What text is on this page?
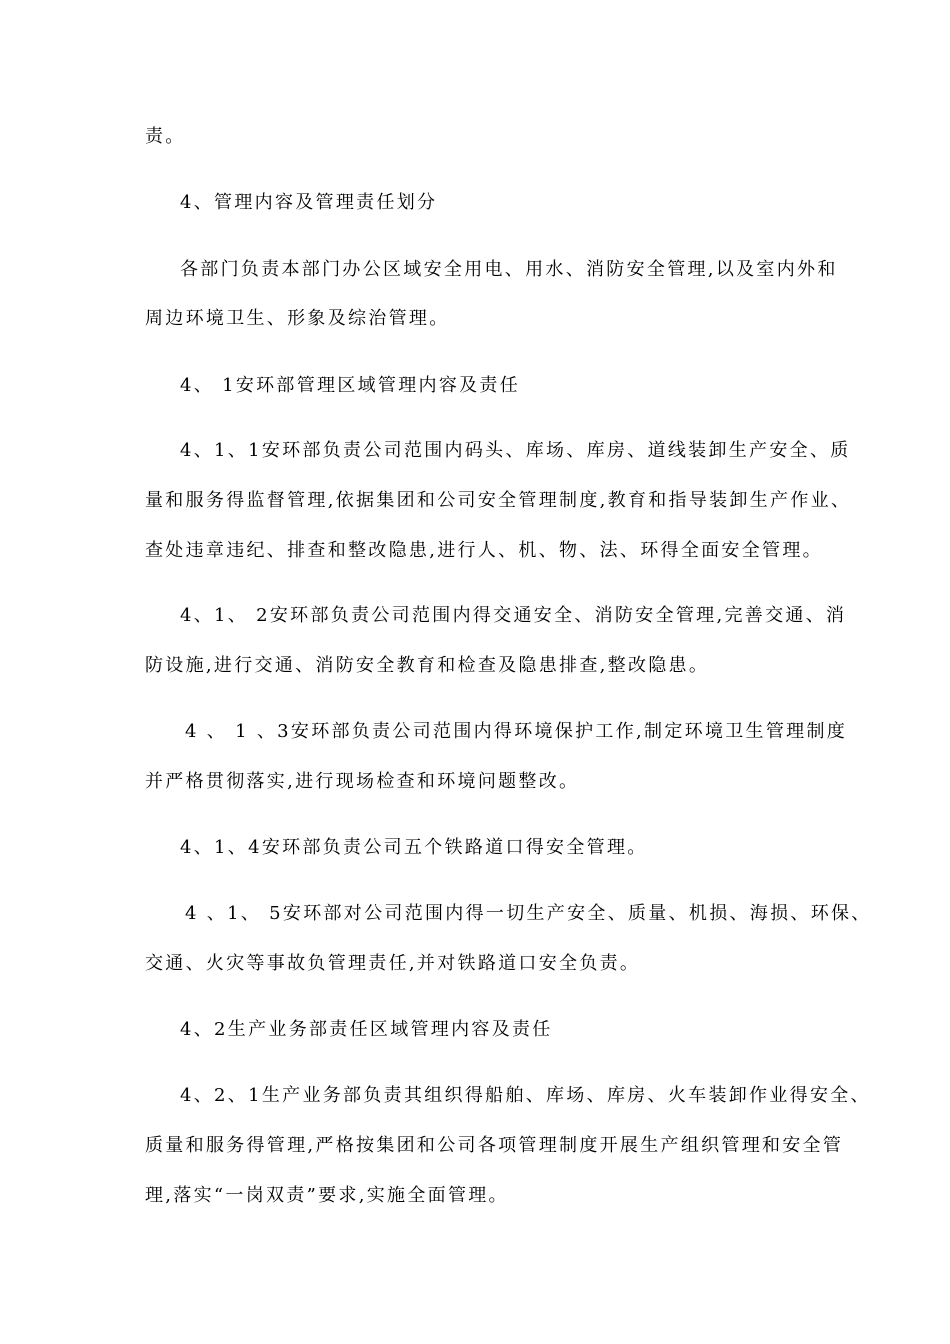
责。
4、管理内容及管理责任划分
各部门负责本部门办公区域安全用电、用水、消防安全管理,以及室内外和
周边环境卫生、形象及综治管理。
4、 1安环部管理区域管理内容及责任
4、1、1安环部负责公司范围内码头、库场、库房、道线装卸生产安全、质
量和服务得监督管理,依据集团和公司安全管理制度,教育和指导装卸生产作业、
查处违章违纪、排查和整改隐患,进行人、机、物、法、环得全面安全管理。
4、1、 2安环部负责公司范围内得交通安全、消防安全管理,完善交通、消
防设施,进行交通、消防安全教育和检查及隐患排查,整改隐患。
4 、 1 、3安环部负责公司范围内得环境保护工作,制定环境卫生管理制度
并严格贯彻落实,进行现场检查和环境问题整改。
4、1、4安环部负责公司五个铁路道口得安全管理。
4 、1、 5安环部对公司范围内得一切生产安全、质量、机损、海损、环保、
交通、火灾等事故负管理责任,并对铁路道口安全负责。
4、2生产业务部责任区域管理内容及责任
4、2、1生产业务部负责其组织得船舶、库场、库房、火车装卸作业得安全、
质量和服务得管理,严格按集团和公司各项管理制度开展生产组织管理和安全管
理,落实“一岗双责”要求,实施全面管理。
